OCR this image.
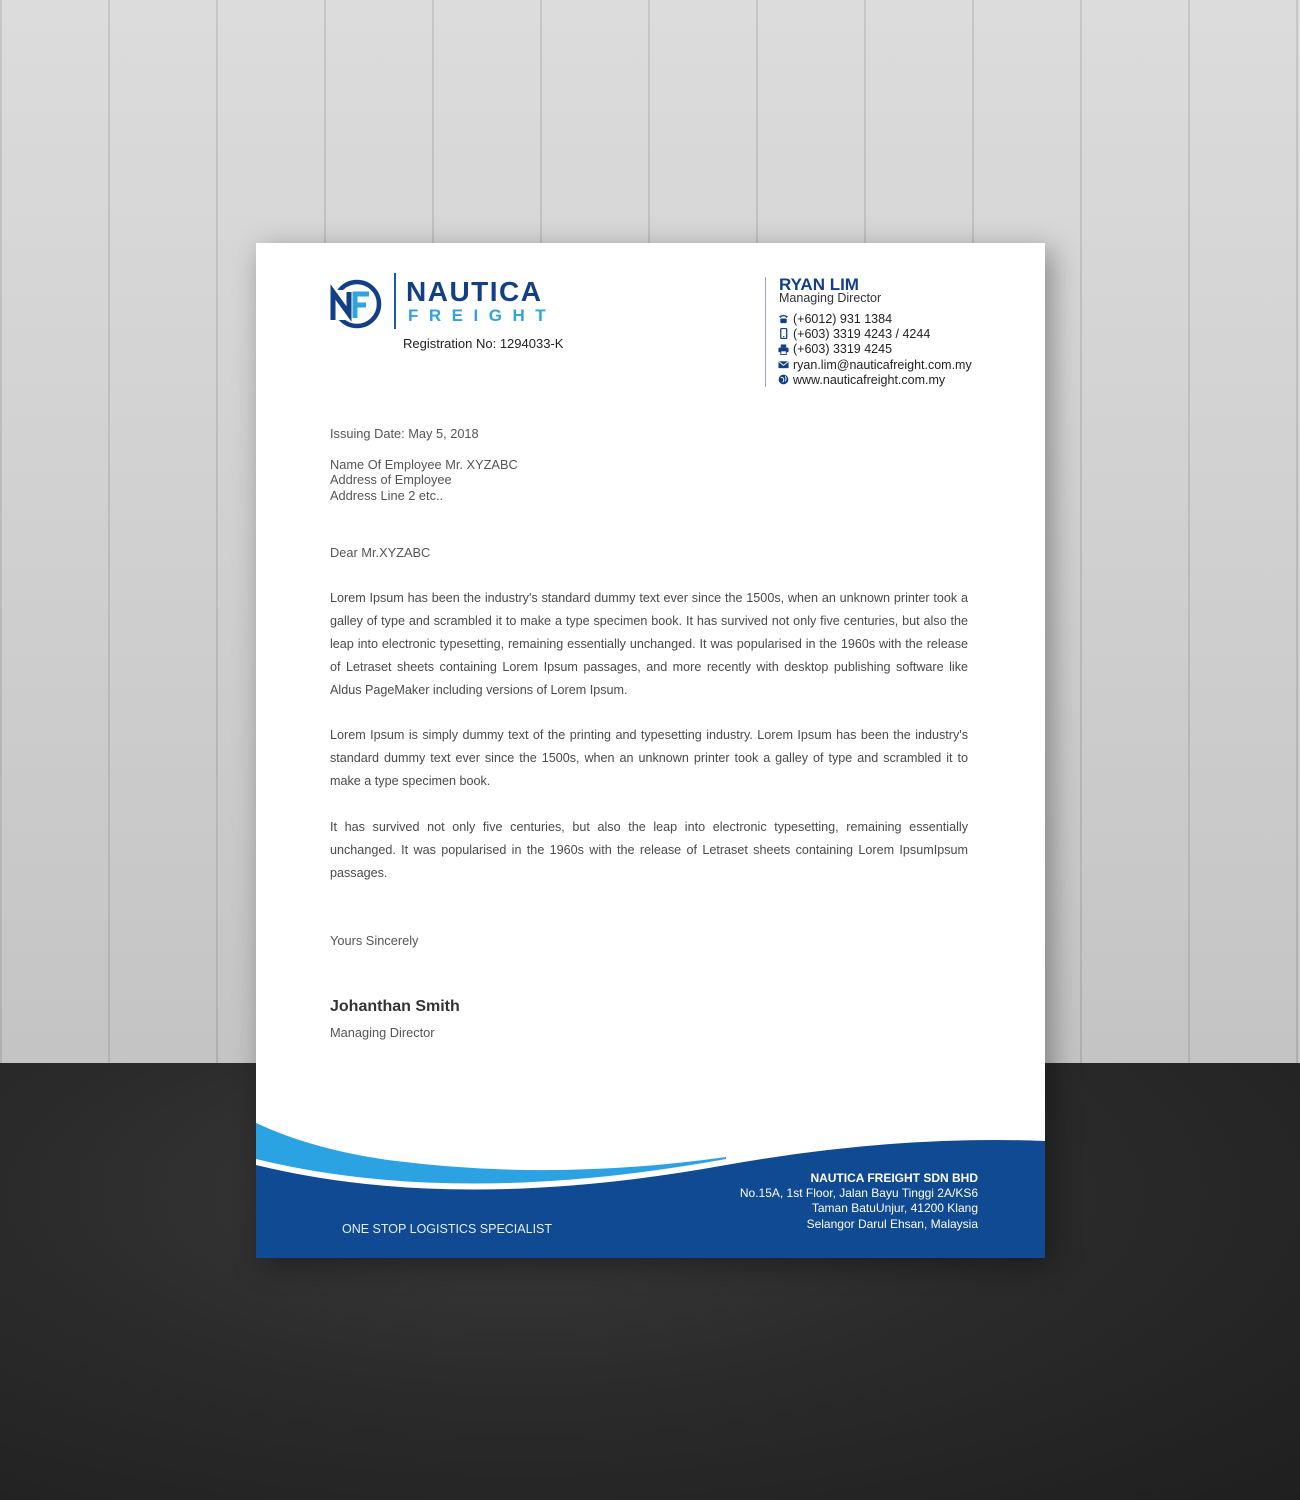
NAUTICA
FREIGHT
Registration No: 1294033-K
RYAN LIM
Managing Director
(+6012) 931 1384
(+603) 3319 4243 / 4244
(+603) 3319 4245
ryan.lim@nauticafreight.com.my
www.nauticafreight.com.my
Issuing Date: May 5, 2018
Name Of Employee Mr. XYZABC
Address of Employee
Address Line 2 etc..
Dear Mr.XYZABC
Lorem Ipsum has been the industry's standard dummy text ever since the 1500s, when an unknown printer took a galley of type and scrambled it to make a type specimen book. It has survived not only five centuries, but also the leap into electronic typesetting, remaining essentially unchanged. It was popularised in the 1960s with the release of Letraset sheets containing Lorem Ipsum passages, and more recently with desktop publishing software like Aldus PageMaker including versions of Lorem Ipsum.
Lorem Ipsum is simply dummy text of the printing and typesetting industry. Lorem Ipsum has been the industry's standard dummy text ever since the 1500s, when an unknown printer took a galley of type and scrambled it to make a type specimen book.
It has survived not only five centuries, but also the leap into electronic typesetting, remaining essentially unchanged. It was popularised in the 1960s with the release of Letraset sheets containing Lorem IpsumIpsum passages.
Yours Sincerely
Johanthan Smith
Managing Director
ONE STOP LOGISTICS SPECIALIST
NAUTICA FREIGHT SDN BHD
No.15A, 1st Floor, Jalan Bayu Tinggi 2A/KS6
Taman BatuUnjur, 41200 Klang
Selangor Darul Ehsan, Malaysia
